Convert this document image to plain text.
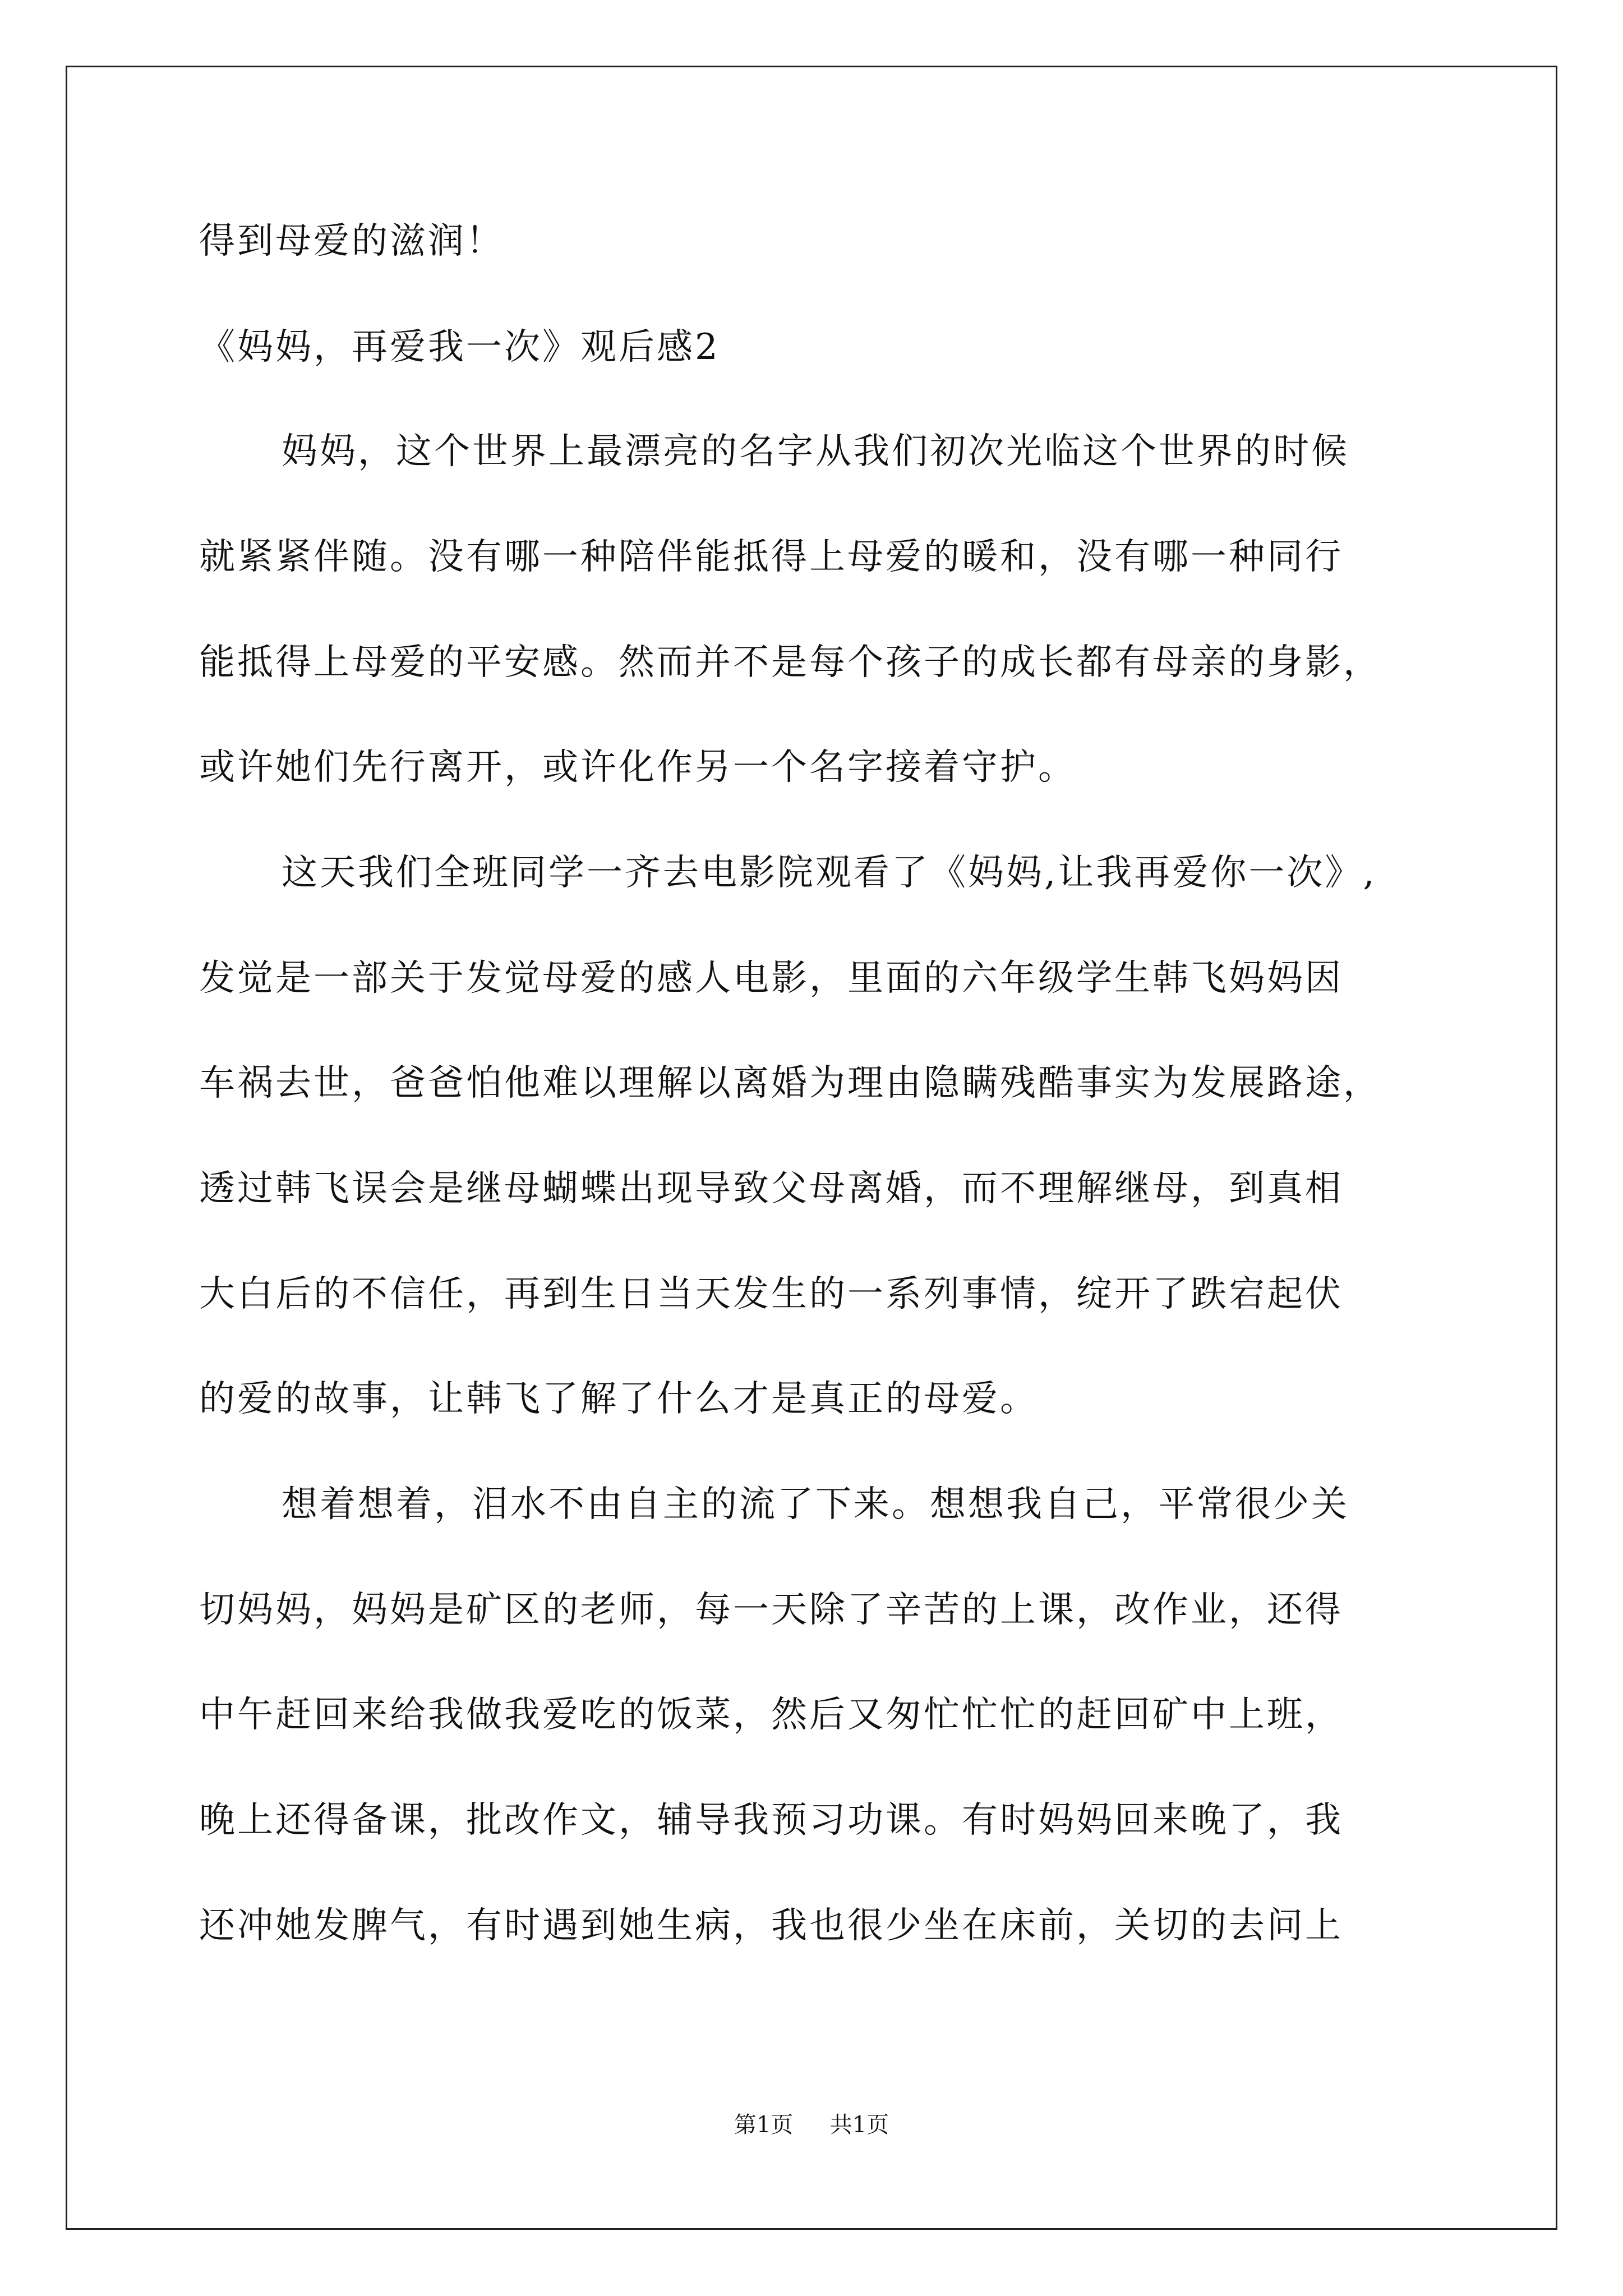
得到母爱的滋润！
《妈妈，再爱我一次》观后感2
妈妈，这个世界上最漂亮的名字从我们初次光临这个世界的时候
就紧紧伴随。没有哪一种陪伴能抵得上母爱的暖和，没有哪一种同行
能抵得上母爱的平安感。然而并不是每个孩子的成长都有母亲的身影，
或许她们先行离开，或许化作另一个名字接着守护。
这天我们全班同学一齐去电影院观看了《妈妈,让我再爱你一次》,
发觉是一部关于发觉母爱的感人电影，里面的六年级学生韩飞妈妈因
车祸去世，爸爸怕他难以理解以离婚为理由隐瞒残酷事实为发展路途，
透过韩飞误会是继母蝴蝶出现导致父母离婚，而不理解继母，到真相
大白后的不信任，再到生日当天发生的一系列事情，绽开了跌宕起伏
的爱的故事，让韩飞了解了什么才是真正的母爱。
想着想着，泪水不由自主的流了下来。想想我自己，平常很少关
切妈妈，妈妈是矿区的老师，每一天除了辛苦的上课，改作业，还得
中午赶回来给我做我爱吃的饭菜，然后又匆忙忙忙的赶回矿中上班，
晚上还得备课，批改作文，辅导我预习功课。有时妈妈回来晚了，我
还冲她发脾气，有时遇到她生病，我也很少坐在床前，关切的去问上
第1页 共1页
